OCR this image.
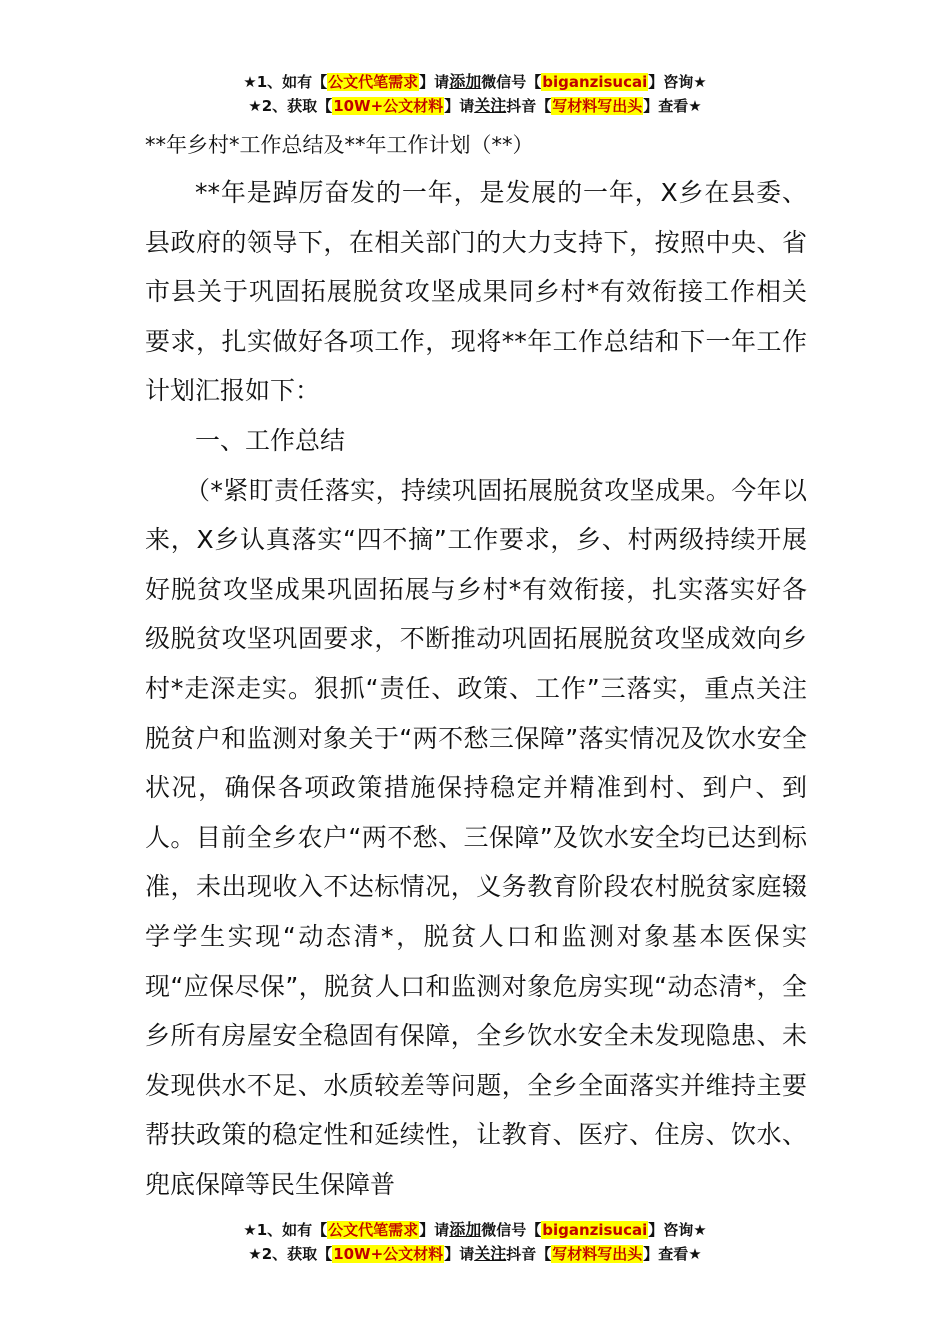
★1、如有【公文代笔需求】请添加微信号【biganzisucai】咨询★
★2、获取【10W+公文材料】请关注抖音【写材料写出头】查看★

**年乡村*工作总结及**年工作计划（**）

**年是踔厉奋发的一年，是发展的一年，X乡在县委、县政府的领导下，在相关部门的大力支持下，按照中央、省市县关于巩固拓展脱贫攻坚成果同乡村*有效衔接工作相关要求，扎实做好各项工作，现将**年工作总结和下一年工作计划汇报如下：

一、工作总结

（*紧盯责任落实，持续巩固拓展脱贫攻坚成果。今年以来，X乡认真落实“四不摘”工作要求，乡、村两级持续开展好脱贫攻坚成果巩固拓展与乡村*有效衔接，扎实落实好各级脱贫攻坚巩固要求，不断推动巩固拓展脱贫攻坚成效向乡村*走深走实。狠抓“责任、政策、工作”三落实，重点关注脱贫户和监测对象关于“两不愁三保障”落实情况及饮水安全状况，确保各项政策措施保持稳定并精准到村、到户、到人。目前全乡农户“两不愁、三保障”及饮水安全均已达到标准，未出现收入不达标情况，义务教育阶段农村脱贫家庭辍学学生实现“动态清*，脱贫人口和监测对象基本医保实现“应保尽保”，脱贫人口和监测对象危房实现“动态清*，全乡所有房屋安全稳固有保障，全乡饮水安全未发现隐患、未发现供水不足、水质较差等问题，全乡全面落实并维持主要帮扶政策的稳定性和延续性，让教育、医疗、住房、饮水、兜底保障等民生保障普

★1、如有【公文代笔需求】请添加微信号【biganzisucai】咨询★
★2、获取【10W+公文材料】请关注抖音【写材料写出头】查看★
